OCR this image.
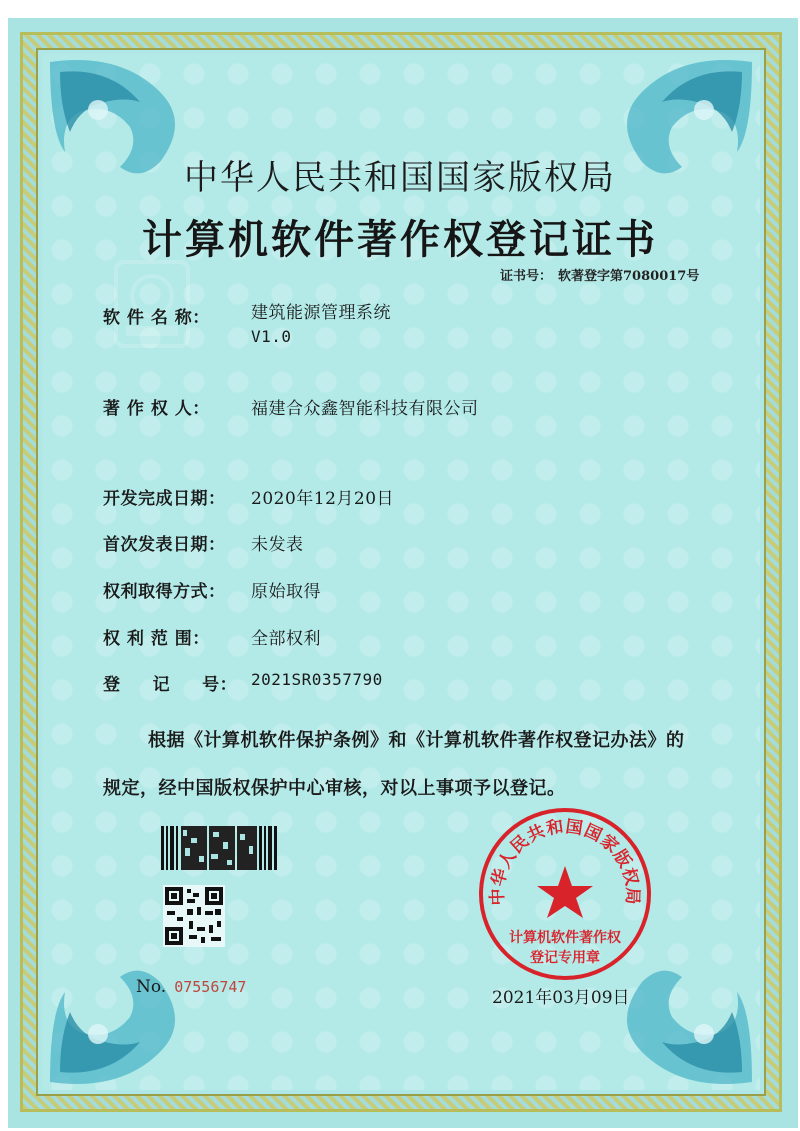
中华人民共和国国家版权局
计算机软件著作权登记证书
证书号： 软著登字第7080017号
软 件 名 称：	建筑能源管理系统
V1.0
著 作 权 人：	福建合众鑫智能科技有限公司
开发完成日期：	2020年12月20日
首次发表日期：	未发表
权利取得方式：	原始取得
权 利 范 围：	全部权利
登     记     号： 2021SR0357790
根据《计算机软件保护条例》和《计算机软件著作权登记办法》的
规定，经中国版权保护中心审核，对以上事项予以登记。
No. 07556747
中华人民共和国国家版权局
计算机软件著作权
登记专用章
2021年03月09日
